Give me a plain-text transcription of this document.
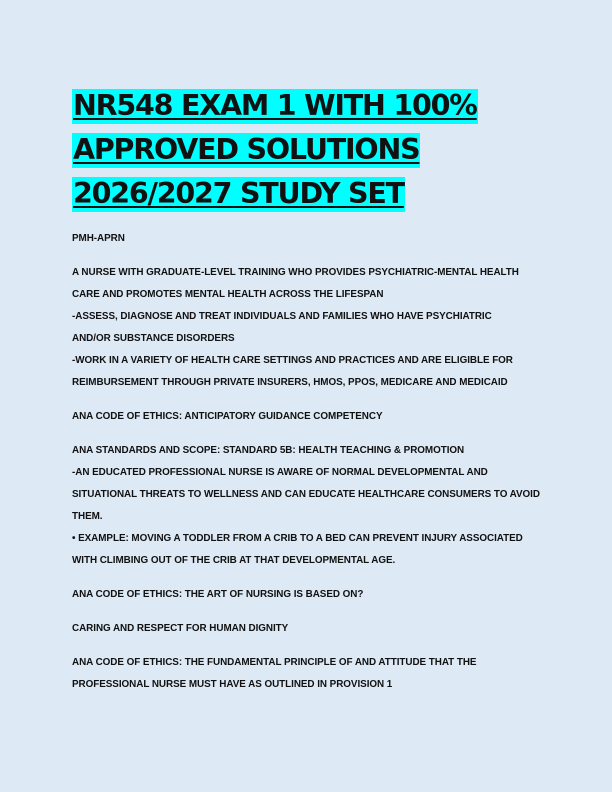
NR548 EXAM 1 WITH 100%
APPROVED SOLUTIONS
2026/2027 STUDY SET
PMH-APRN
A NURSE WITH GRADUATE-LEVEL TRAINING WHO PROVIDES PSYCHIATRIC-MENTAL HEALTH
CARE AND PROMOTES MENTAL HEALTH ACROSS THE LIFESPAN
-ASSESS, DIAGNOSE AND TREAT INDIVIDUALS AND FAMILIES WHO HAVE PSYCHIATRIC
AND/OR SUBSTANCE DISORDERS
-WORK IN A VARIETY OF HEALTH CARE SETTINGS AND PRACTICES AND ARE ELIGIBLE FOR
REIMBURSEMENT THROUGH PRIVATE INSURERS, HMOS, PPOS, MEDICARE AND MEDICAID
ANA CODE OF ETHICS: ANTICIPATORY GUIDANCE COMPETENCY
ANA STANDARDS AND SCOPE: STANDARD 5B: HEALTH TEACHING & PROMOTION
-AN EDUCATED PROFESSIONAL NURSE IS AWARE OF NORMAL DEVELOPMENTAL AND
SITUATIONAL THREATS TO WELLNESS AND CAN EDUCATE HEALTHCARE CONSUMERS TO AVOID
THEM.
• EXAMPLE: MOVING A TODDLER FROM A CRIB TO A BED CAN PREVENT INJURY ASSOCIATED
WITH CLIMBING OUT OF THE CRIB AT THAT DEVELOPMENTAL AGE.
ANA CODE OF ETHICS: THE ART OF NURSING IS BASED ON?
CARING AND RESPECT FOR HUMAN DIGNITY
ANA CODE OF ETHICS: THE FUNDAMENTAL PRINCIPLE OF AND ATTITUDE THAT THE
PROFESSIONAL NURSE MUST HAVE AS OUTLINED IN PROVISION 1
